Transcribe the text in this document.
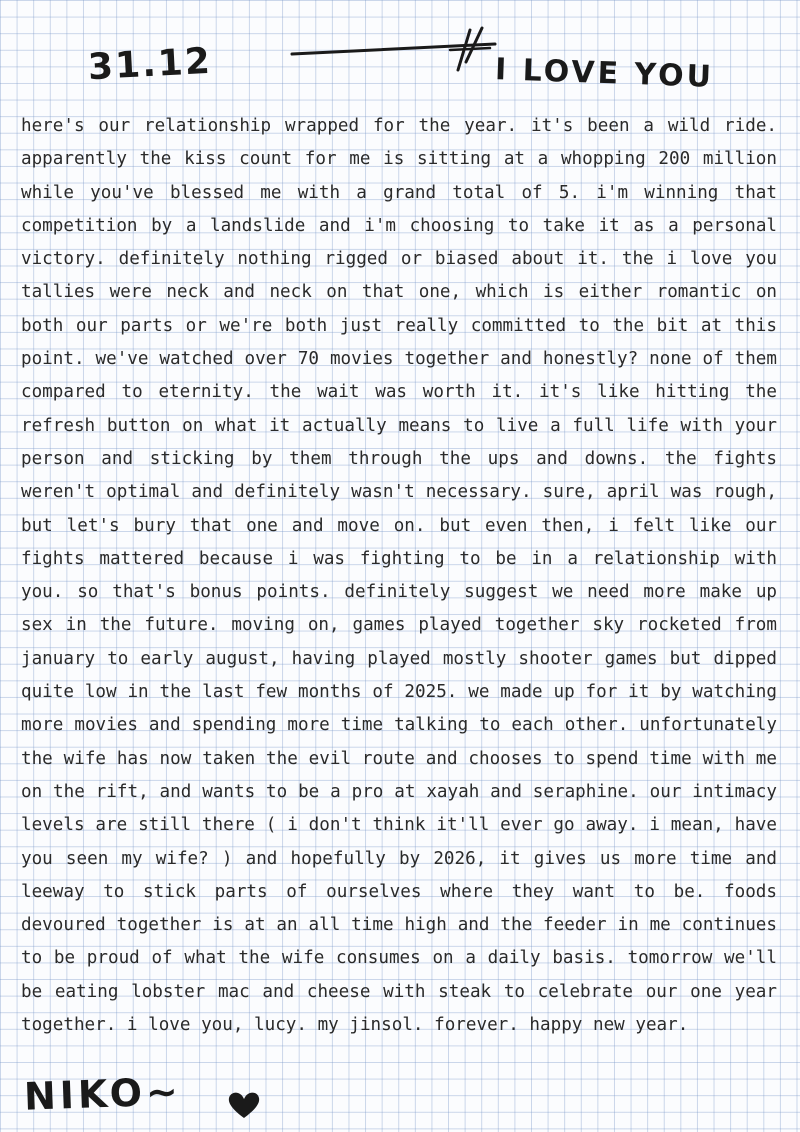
31.12	I LOVE YOU

here's our relationship wrapped for the year. it's been a wild ride. apparently the kiss count for me is sitting at a whopping 200 million while you've blessed me with a grand total of 5. i'm winning that competition by a landslide and i'm choosing to take it as a personal victory. definitely nothing rigged or biased about it. the i love you tallies were neck and neck on that one, which is either romantic on both our parts or we're both just really committed to the bit at this point. we've watched over 70 movies together and honestly? none of them compared to eternity. the wait was worth it. it's like hitting the refresh button on what it actually means to live a full life with your person and sticking by them through the ups and downs. the fights weren't optimal and definitely wasn't necessary. sure, april was rough, but let's bury that one and move on. but even then, i felt like our fights mattered because i was fighting to be in a relationship with you. so that's bonus points. definitely suggest we need more make up sex in the future. moving on, games played together sky rocketed from january to early august, having played mostly shooter games but dipped quite low in the last few months of 2025. we made up for it by watching more movies and spending more time talking to each other. unfortunately the wife has now taken the evil route and chooses to spend time with me on the rift, and wants to be a pro at xayah and seraphine. our intimacy levels are still there ( i don't think it'll ever go away. i mean, have you seen my wife? ) and hopefully by 2026, it gives us more time and leeway to stick parts of ourselves where they want to be. foods devoured together is at an all time high and the feeder in me continues to be proud of what the wife consumes on a daily basis. tomorrow we'll be eating lobster mac and cheese with steak to celebrate our one year together. i love you, lucy. my jinsol. forever. happy new year.

NIKO~
